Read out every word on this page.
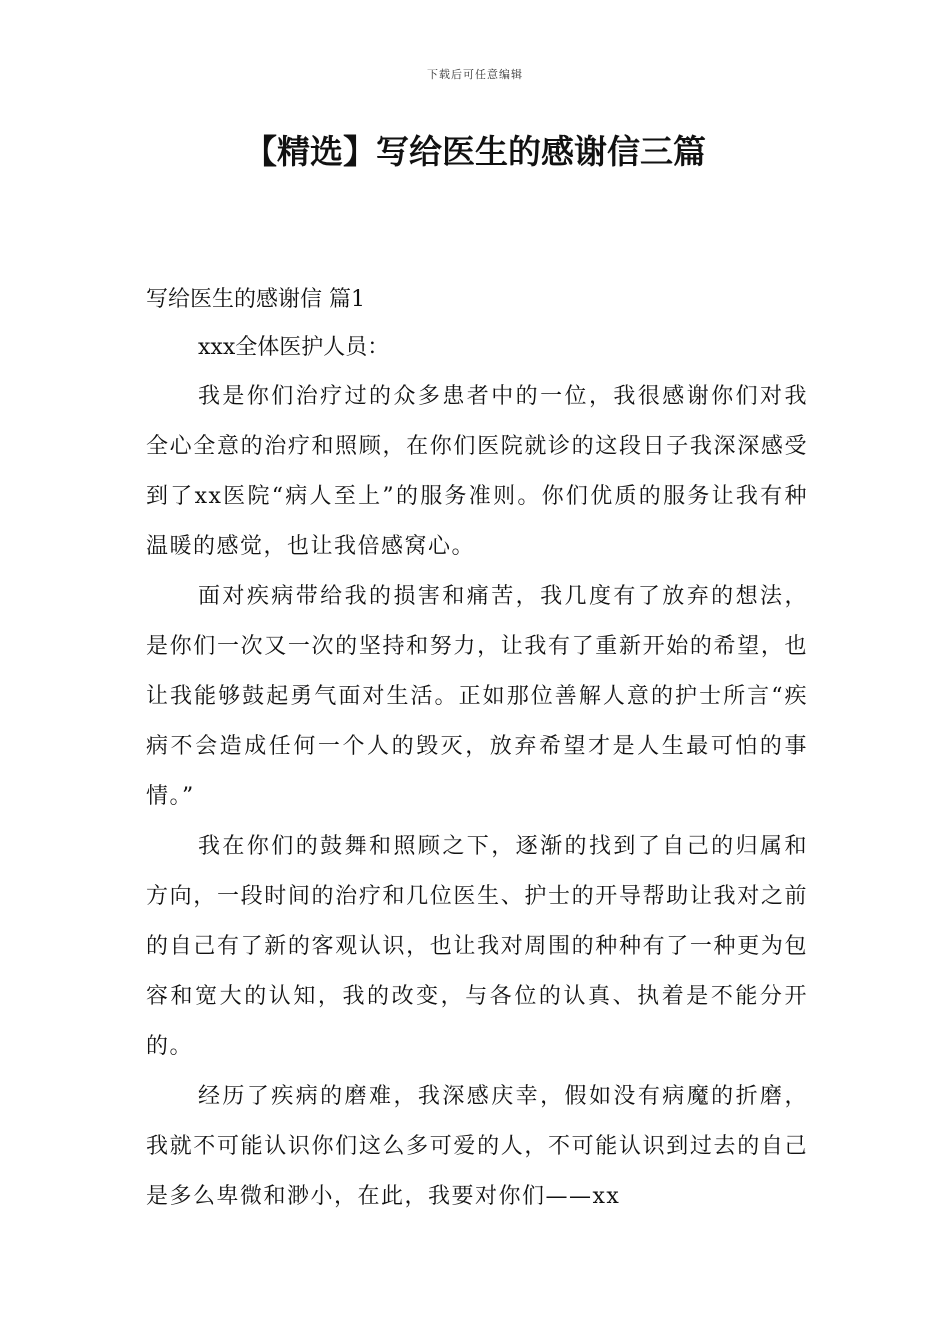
下载后可任意编辑
【精选】写给医生的感谢信三篇
写给医生的感谢信 篇1
xxx全体医护人员：

我是你们治疗过的众多患者中的一位，我很感谢你们对我全心全意的治疗和照顾，在你们医院就诊的这段日子我深深感受到了xx医院“病人至上”的服务准则。你们优质的服务让我有种温暖的感觉，也让我倍感窝心。

面对疾病带给我的损害和痛苦，我几度有了放弃的想法，是你们一次又一次的坚持和努力，让我有了重新开始的希望，也让我能够鼓起勇气面对生活。正如那位善解人意的护士所言“疾病不会造成任何一个人的毁灭，放弃希望才是人生最可怕的事情。”

我在你们的鼓舞和照顾之下，逐渐的找到了自己的归属和方向，一段时间的治疗和几位医生、护士的开导帮助让我对之前的自己有了新的客观认识，也让我对周围的种种有了一种更为包容和宽大的认知，我的改变，与各位的认真、执着是不能分开的。

经历了疾病的磨难，我深感庆幸，假如没有病魔的折磨，我就不可能认识你们这么多可爱的人，不可能认识到过去的自己是多么卑微和渺小，在此，我要对你们——xx
